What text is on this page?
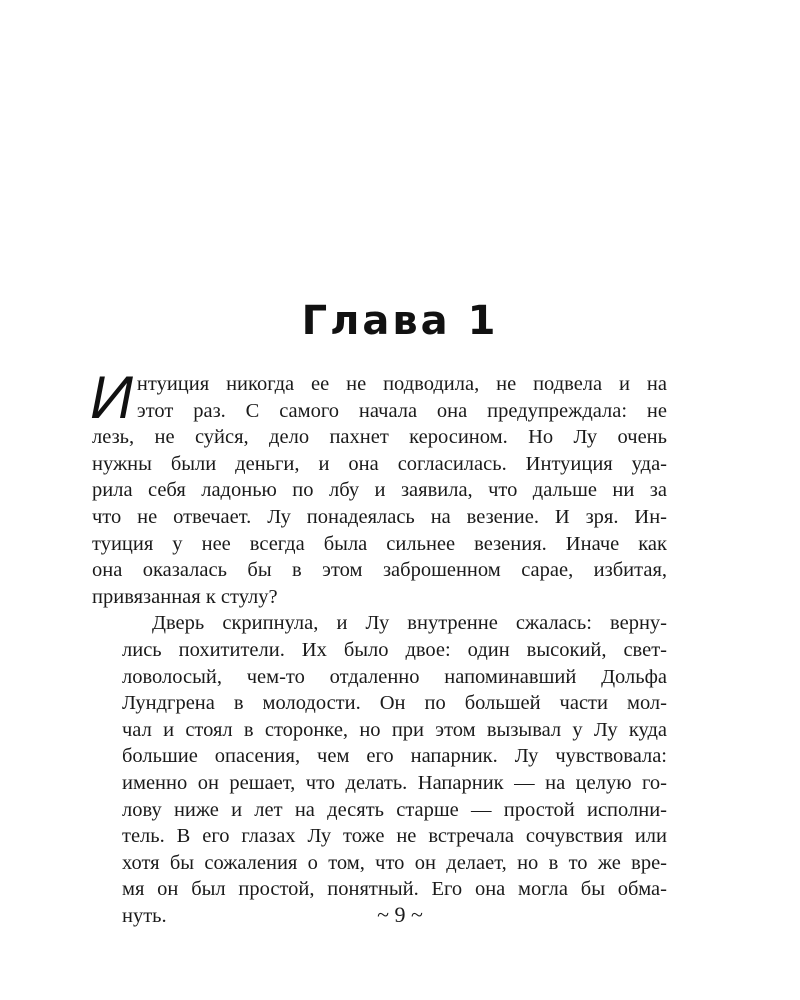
Глава 1
И нтуиция никогда ее не подводила, не подвела и на
этот раз. С самого начала она предупреждала: не
лезь, не суйся, дело пахнет керосином. Но Лу очень
нужны были деньги, и она согласилась. Интуиция уда-
рила себя ладонью по лбу и заявила, что дальше ни за
что не отвечает. Лу понадеялась на везение. И зря. Ин-
туиция у нее всегда была сильнее везения. Иначе как
она оказалась бы в этом заброшенном сарае, избитая,
привязанная к стулу?
Дверь скрипнула, и Лу внутренне сжалась: верну-
лись похитители. Их было двое: один высокий, свет-
ловолосый, чем-то отдаленно напоминавший Дольфа
Лундгрена в молодости. Он по большей части мол-
чал и стоял в сторонке, но при этом вызывал у Лу куда
большие опасения, чем его напарник. Лу чувствовала:
именно он решает, что делать. Напарник — на целую го-
лову ниже и лет на десять старше — простой исполни-
тель. В его глазах Лу тоже не встречала сочувствия или
хотя бы сожаления о том, что он делает, но в то же вре-
мя он был простой, понятный. Его она могла бы обма-
нуть.	~ 9 ~
